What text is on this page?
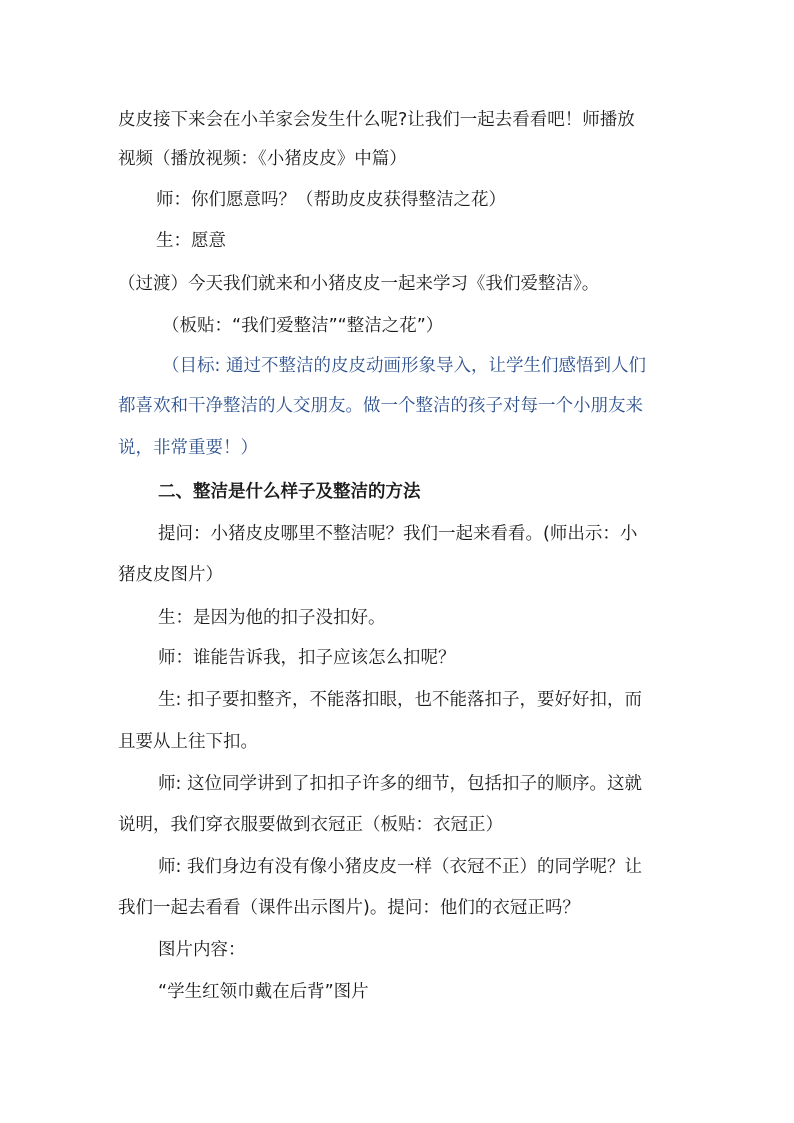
皮皮接下来会在小羊家会发生什么呢?让我们一起去看看吧！师播放

视频（播放视频：《小猪皮皮》中篇）

师：你们愿意吗？（帮助皮皮获得整洁之花）

生：愿意

（过渡）今天我们就来和小猪皮皮一起来学习《我们爱整洁》。

（板贴：“我们爱整洁”“整洁之花”）

（目标: 通过不整洁的皮皮动画形象导入，让学生们感悟到人们

都喜欢和干净整洁的人交朋友。做一个整洁的孩子对每一个小朋友来

说，非常重要！）

二、整洁是什么样子及整洁的方法

提问：小猪皮皮哪里不整洁呢？我们一起来看看。(师出示：小

猪皮皮图片）

生：是因为他的扣子没扣好。

师：谁能告诉我，扣子应该怎么扣呢？

生: 扣子要扣整齐，不能落扣眼，也不能落扣子，要好好扣，而

且要从上往下扣。

师: 这位同学讲到了扣扣子许多的细节，包括扣子的顺序。这就

说明，我们穿衣服要做到衣冠正（板贴：衣冠正）

师: 我们身边有没有像小猪皮皮一样（衣冠不正）的同学呢？让

我们一起去看看（课件出示图片)。提问：他们的衣冠正吗？

图片内容：

“学生红领巾戴在后背”图片
